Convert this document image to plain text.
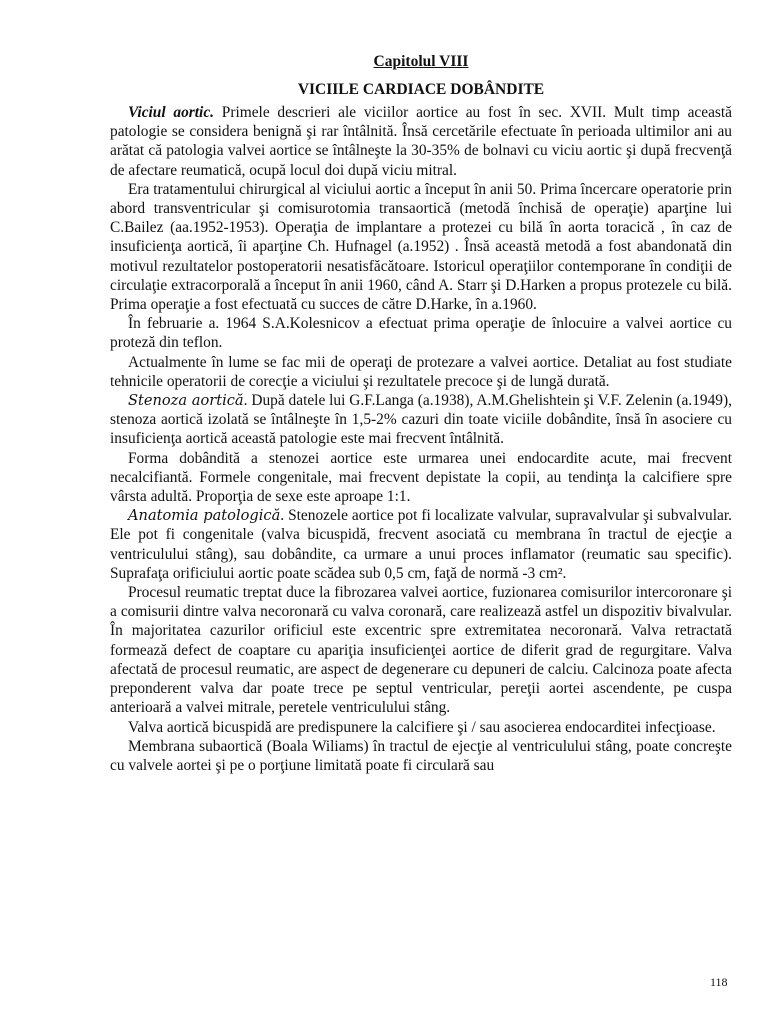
Capitolul VIII
VICIILE CARDIACE DOBÂNDITE

Viciul aortic. Primele descrieri ale viciilor aortice au fost în sec. XVII. Mult timp această patologie se considera benignă şi rar întâlnită. Însă cercetările efectuate în perioada ultimilor ani au arătat că patologia valvei aortice se întâlneşte la 30-35% de bolnavi cu viciu aortic şi după frecvenţă de afectare reumatică, ocupă locul doi după viciu mitral.

Era tratamentului chirurgical al viciului aortic a început în anii 50. Prima încercare operatorie prin abord transventricular şi comisurotomia transaortică (metodă închisă de operaţie) aparţine lui C.Bailez (aa.1952-1953). Operaţia de implantare a protezei cu bilă în aorta toracică , în caz de insuficienţa aortică, îi aparţine Ch. Hufnagel (a.1952) . Însă această metodă a fost abandonată din motivul rezultatelor postoperatorii nesatisfăcătoare. Istoricul operaţiilor contemporane în condiţii de circulaţie extracorporală a început în anii 1960, când A. Starr şi D.Harken a propus protezele cu bilă. Prima operaţie a fost efectuată cu succes de către D.Harke, în a.1960.

În februarie a. 1964 S.A.Kolesnicov a efectuat prima operaţie de înlocuire a valvei aortice cu proteză din teflon.

Actualmente în lume se fac mii de operaţi de protezare a valvei aortice. Detaliat au fost studiate tehnicile operatorii de corecţie a viciului şi rezultatele precoce şi de lungă durată.

Stenoza aortică. După datele lui G.F.Langa (a.1938), A.M.Ghelishtein şi V.F. Zelenin (a.1949), stenoza aortică izolată se întâlneşte în 1,5-2% cazuri din toate viciile dobândite, însă în asociere cu insuficienţa aortică această patologie este mai frecvent întâlnită.

Forma dobândită a stenozei aortice este urmarea unei endocardite acute, mai frecvent necalcifiantă. Formele congenitale, mai frecvent depistate la copii, au tendinţa la calcifiere spre vârsta adultă. Proporţia de sexe este aproape 1:1.

Anatomia patologică. Stenozele aortice pot fi localizate valvular, supravalvular şi subvalvular. Ele pot fi congenitale (valva bicuspidă, frecvent asociată cu membrana în tractul de ejecţie a ventriculului stâng), sau dobândite, ca urmare a unui proces inflamator (reumatic sau specific). Suprafaţa orificiului aortic poate scădea sub 0,5 cm, faţă de normă -3 cm².

Procesul reumatic treptat duce la fibrozarea valvei aortice, fuzionarea comisurilor intercoronare şi a comisurii dintre valva necoronară cu valva coronară, care realizează astfel un dispozitiv bivalvular. În majoritatea cazurilor orificiul este excentric spre extremitatea necoronară. Valva retractată formează defect de coaptare cu apariţia insuficienţei aortice de diferit grad de regurgitare. Valva afectată de procesul reumatic, are aspect de degenerare cu depuneri de calciu. Calcinoza poate afecta preponderent valva dar poate trece pe septul ventricular, pereţii aortei ascendente, pe cuspa anterioară a valvei mitrale, peretele ventriculului stâng.

Valva aortică bicuspidă are predispunere la calcifiere şi / sau asocierea endocarditei infecţioase.

Membrana subaortică (Boala Wiliams) în tractul de ejecţie al ventriculului stâng, poate concreşte cu valvele aortei şi pe o porţiune limitată poate fi circulară sau

118
